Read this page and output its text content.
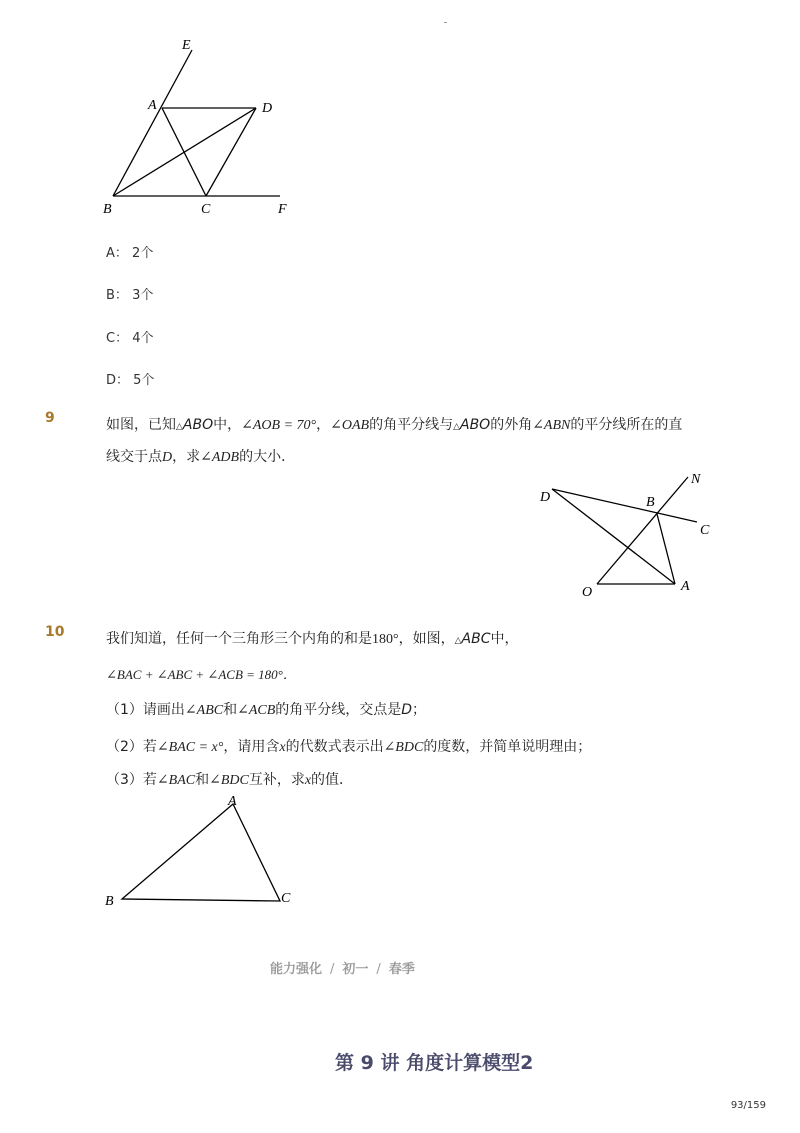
E
A	D
B	C	F
A： 2个
B： 3个
C： 4个
D： 5个
9	如图，已知△ABO中，∠AOB = 70°，∠OAB的角平分线与△ABO的外角∠ABN的平分线所在的直
线交于点D，求∠ADB的大小．
N
D	B
C
O	A
10	我们知道，任何一个三角形三个内角的和是180°，如图，△ABC中，
∠BAC + ∠ABC + ∠ACB = 180°．
（1）请画出∠ABC和∠ACB的角平分线，交点是D；
（2）若∠BAC = x°，请用含x的代数式表示出∠BDC的度数，并简单说明理由；
（3）若∠BAC和∠BDC互补，求x的值．
A
B	C
能力强化 / 初一 / 春季
第 9 讲 角度计算模型2
93/159
